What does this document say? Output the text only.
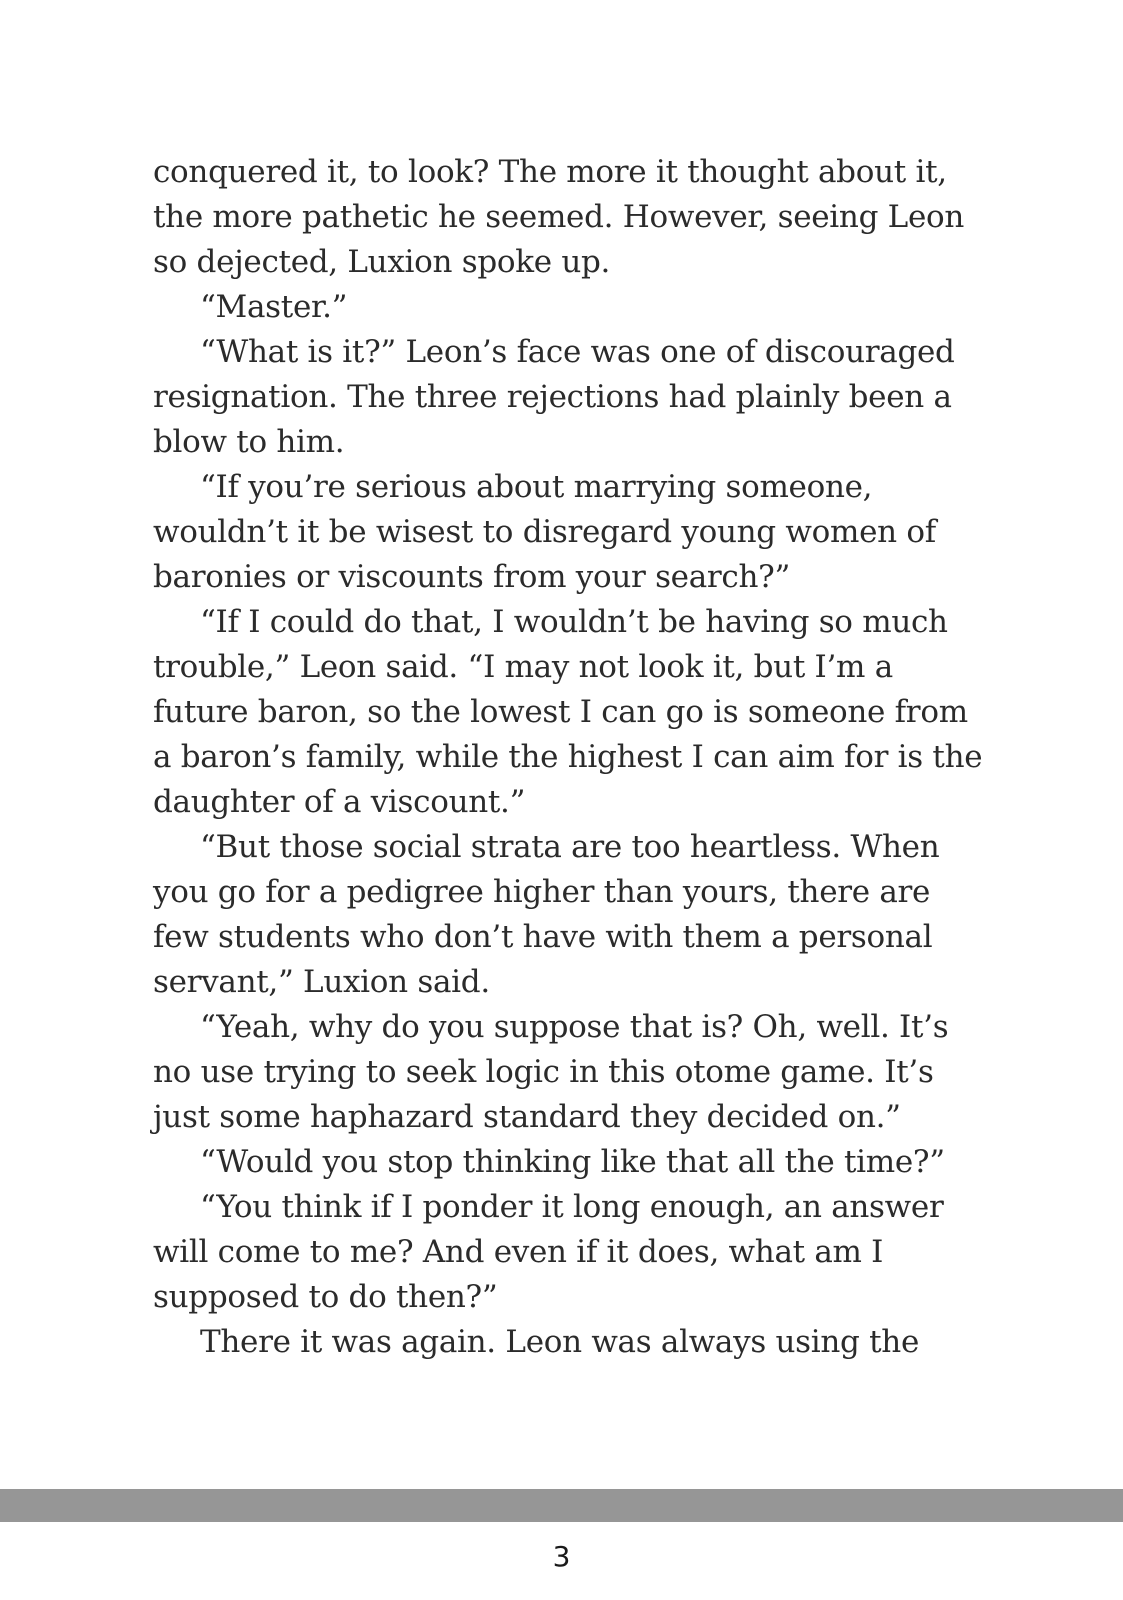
conquered it, to look? The more it thought about it,
the more pathetic he seemed. However, seeing Leon
so dejected, Luxion spoke up.
“Master.”
“What is it?” Leon’s face was one of discouraged
resignation. The three rejections had plainly been a
blow to him.
“If you’re serious about marrying someone,
wouldn’t it be wisest to disregard young women of
baronies or viscounts from your search?”
“If I could do that, I wouldn’t be having so much
trouble,” Leon said. “I may not look it, but I’m a
future baron, so the lowest I can go is someone from
a baron’s family, while the highest I can aim for is the
daughter of a viscount.”
“But those social strata are too heartless. When
you go for a pedigree higher than yours, there are
few students who don’t have with them a personal
servant,” Luxion said.
“Yeah, why do you suppose that is? Oh, well. It’s
no use trying to seek logic in this otome game. It’s
just some haphazard standard they decided on.”
“Would you stop thinking like that all the time?”
“You think if I ponder it long enough, an answer
will come to me? And even if it does, what am I
supposed to do then?”
There it was again. Leon was always using the
3
